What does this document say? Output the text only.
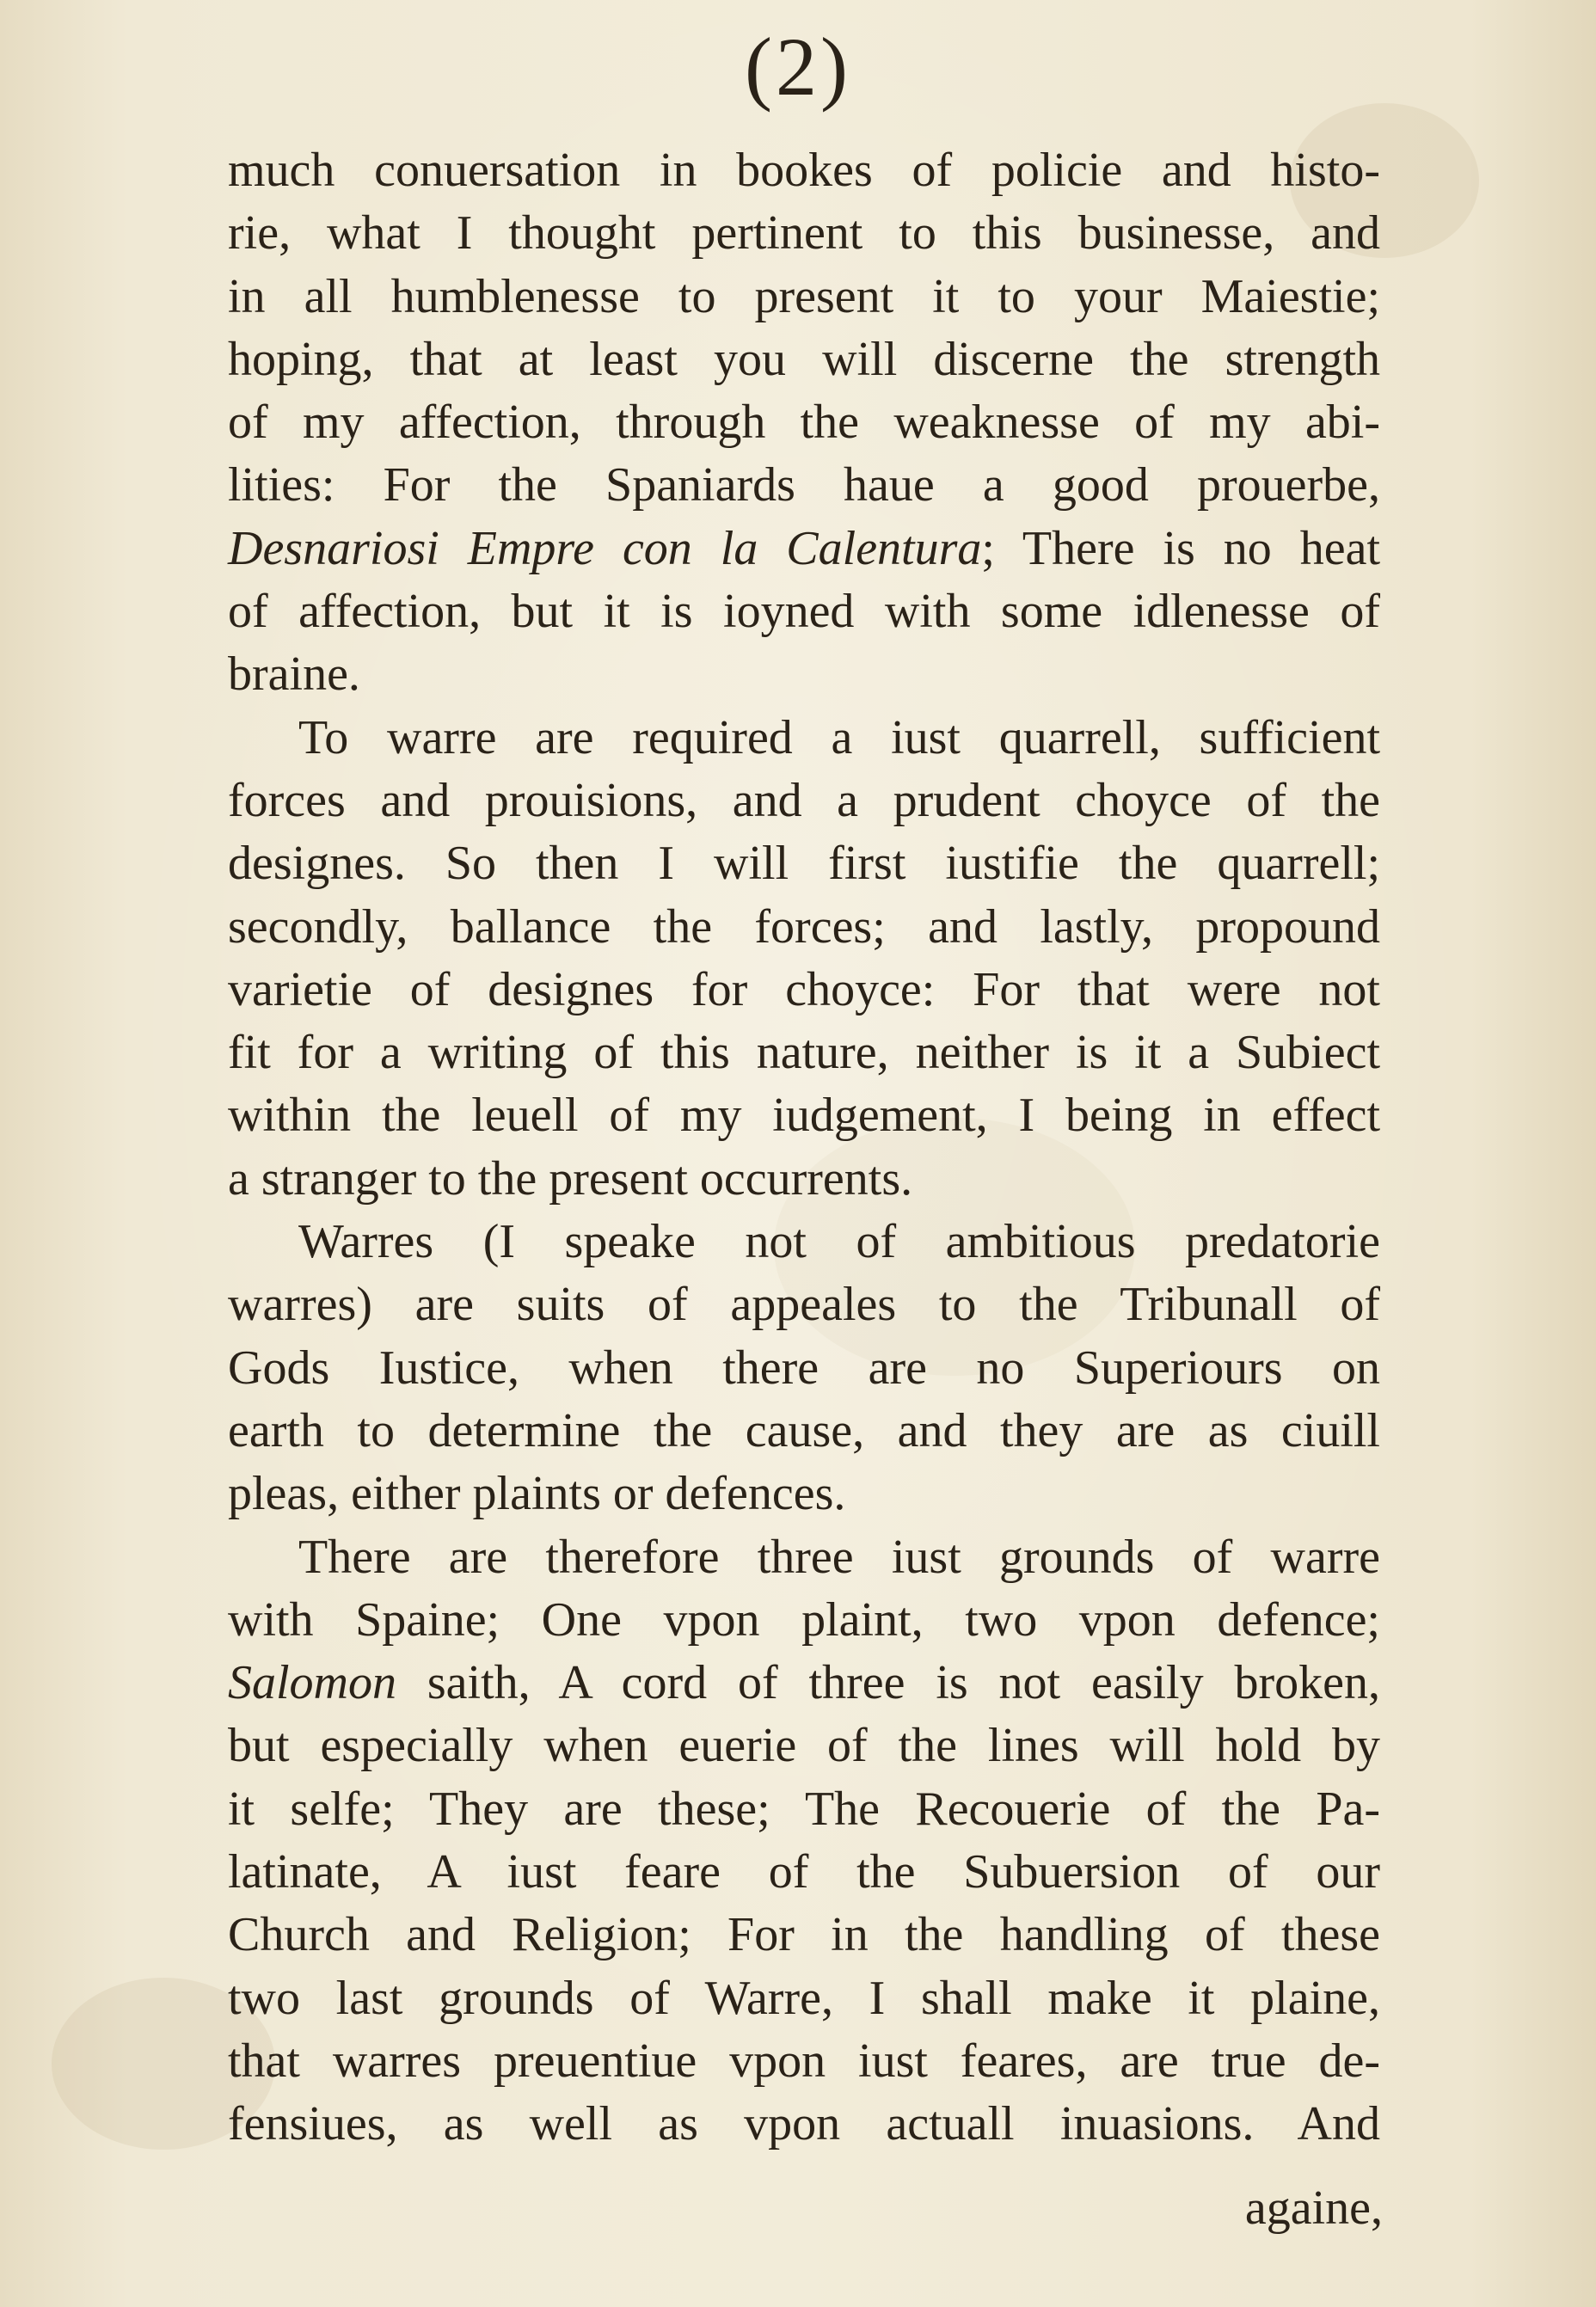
(2)
much conuersation in bookes of policie and histo-
rie, what I thought pertinent to this businesse, and
in all humblenesse to present it to your Maiestie;
hoping, that at least you will discerne the strength
of my affection, through the weaknesse of my abi-
lities: For the Spaniards haue a good prouerbe,
Desnariosi Empre con la Calentura; There is no heat
of affection, but it is ioyned with some idlenesse of
braine.
To warre are required a iust quarrell, sufficient
forces and prouisions, and a prudent choyce of the
designes. So then I will first iustifie the quarrell;
secondly, ballance the forces; and lastly, propound
varietie of designes for choyce: For that were not
fit for a writing of this nature, neither is it a Subiect
within the leuell of my iudgement, I being in effect
a stranger to the present occurrents.
Warres (I speake not of ambitious predatorie
warres) are suits of appeales to the Tribunall of
Gods Iustice, when there are no Superiours on
earth to determine the cause, and they are as ciuill
pleas, either plaints or defences.
There are therefore three iust grounds of warre
with Spaine; One vpon plaint, two vpon defence;
Salomon saith, A cord of three is not easily broken,
but especially when euerie of the lines will hold by
it selfe; They are these; The Recouerie of the Pa-
latinate, A iust feare of the Subuersion of our
Church and Religion; For in the handling of these
two last grounds of Warre, I shall make it plaine,
that warres preuentiue vpon iust feares, are true de-
fensiues, as well as vpon actuall inuasions. And
againe,
